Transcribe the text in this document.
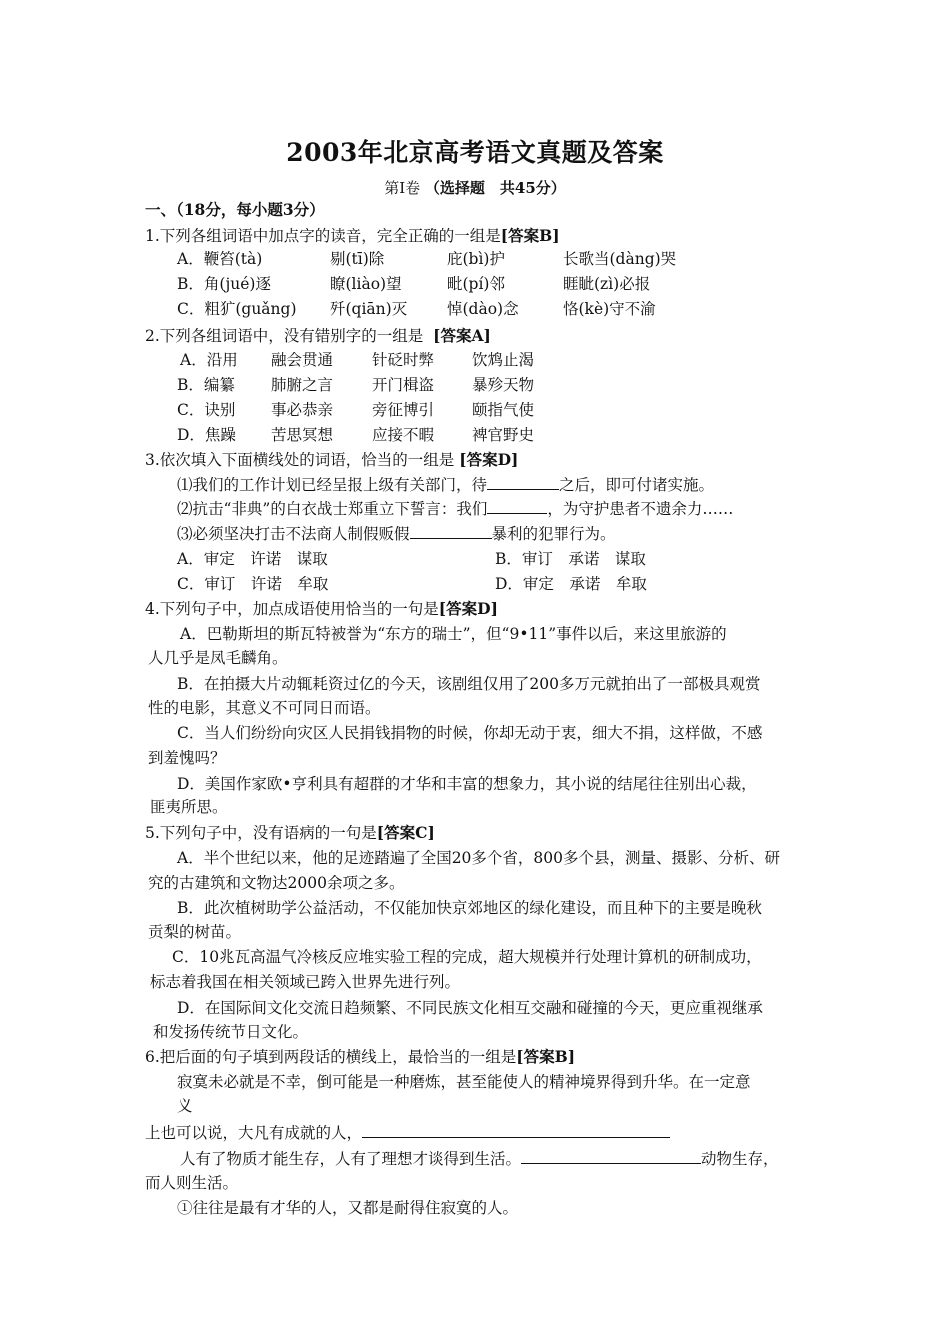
2003年北京高考语文真题及答案
第Ⅰ卷 （选择题　共45分）
一、（18分，每小题3分）
1.下列各组词语中加点字的读音，完全正确的一组是[答案B]
A．鞭笞(tà)	剔(tī)除	庇(bì)护	长歌当(dàng)哭
B．角(jué)逐	瞭(liào)望	毗(pí)邻	睚眦(zì)必报
C．粗犷(guǎng) 歼(qiān)灭	悼(dào)念	恪(kè)守不渝
2.下列各组词语中，没有错别字的一组是 [答案A]
A．沿用 融会贯通	针砭时弊 饮鸩止渴
B．编纂 肺腑之言	开门楫盗 暴殄天物
C．诀别 事必恭亲	旁征博引 颐指气使
D．焦躁 苦思冥想	应接不暇 裨官野史
3.依次填入下面横线处的词语，恰当的一组是 [答案D]
⑴我们的工作计划已经呈报上级有关部门，待	之后，即可付诸实施。
⑵抗击“非典”的白衣战士郑重立下誓言：我们	，为守护患者不遗余力……
⑶必须坚决打击不法商人制假贩假	暴利的犯罪行为。
A．审定　许诺　谋取	B．审订　承诺　谋取
C．审订　许诺　牟取	D．审定　承诺　牟取
4.下列句子中，加点成语使用恰当的一句是[答案D]
A．巴勒斯坦的斯瓦特被誉为“东方的瑞士”，但“9•11”事件以后，来这里旅游的
人几乎是凤毛麟角。
B．在拍摄大片动辄耗资过亿的今天，该剧组仅用了200多万元就拍出了一部极具观赏
性的电影，其意义不可同日而语。
C．当人们纷纷向灾区人民捐钱捐物的时候，你却无动于衷，细大不捐，这样做，不感
到羞愧吗？
D．美国作家欧•亨利具有超群的才华和丰富的想象力，其小说的结尾往往别出心裁，
匪夷所思。
5.下列句子中，没有语病的一句是[答案C]
A．半个世纪以来，他的足迹踏遍了全国20多个省，800多个县，测量、摄影、分析、研
究的古建筑和文物达2000余项之多。
B．此次植树助学公益活动，不仅能加快京郊地区的绿化建设，而且种下的主要是晚秋
贡梨的树苗。
C．10兆瓦高温气冷核反应堆实验工程的完成，超大规模并行处理计算机的研制成功，
标志着我国在相关领域已跨入世界先进行列。
D．在国际间文化交流日趋频繁、不同民族文化相互交融和碰撞的今天，更应重视继承
和发扬传统节日文化。
6.把后面的句子填到两段话的横线上，最恰当的一组是[答案B]
寂寞未必就是不幸，倒可能是一种磨炼，甚至能使人的精神境界得到升华。在一定意
义
上也可以说，大凡有成就的人，
人有了物质才能生存，人有了理想才谈得到生活。	动物生存，
而人则生活。
①往往是最有才华的人，又都是耐得住寂寞的人。
